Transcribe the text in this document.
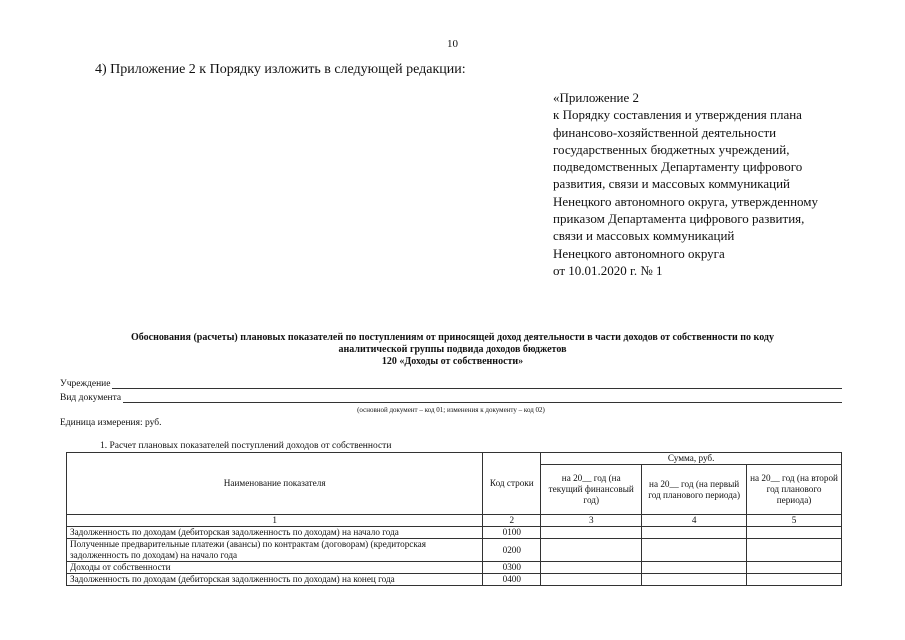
10
4) Приложение 2 к Порядку изложить в следующей редакции:
«Приложение 2
к Порядку составления и утверждения плана
финансово-хозяйственной деятельности
государственных бюджетных учреждений,
подведомственных Департаменту цифрового
развития, связи и массовых коммуникаций
Ненецкого автономного округа, утвержденному
приказом Департамента цифрового развития,
связи и массовых коммуникаций
Ненецкого автономного округа
от 10.01.2020 г. № 1
Обоснования (расчеты) плановых показателей по поступлениям от приносящей доход деятельности в части доходов от собственности по коду
аналитической группы подвида доходов бюджетов
120 «Доходы от собственности»
Учреждение
Вид документа
(основной документ – код 01; изменения к документу – код 02)
Единица измерения: руб.
1. Расчет плановых показателей поступлений доходов от собственности
Наименование показателя	Код строки	Сумма, руб.		
		на 20__ год (на текущий финансовый год)	на 20__ год (на первый год планового периода)	на 20__ год (на второй год планового периода)
1	2	3	4	5
Задолженность по доходам (дебиторская задолженность по доходам) на начало года	0100			
Полученные предварительные платежи (авансы) по контрактам (договорам) (кредиторская задолженность по доходам) на начало года	0200			
Доходы от собственности	0300			
Задолженность по доходам (дебиторская задолженность по доходам) на конец года	0400			
